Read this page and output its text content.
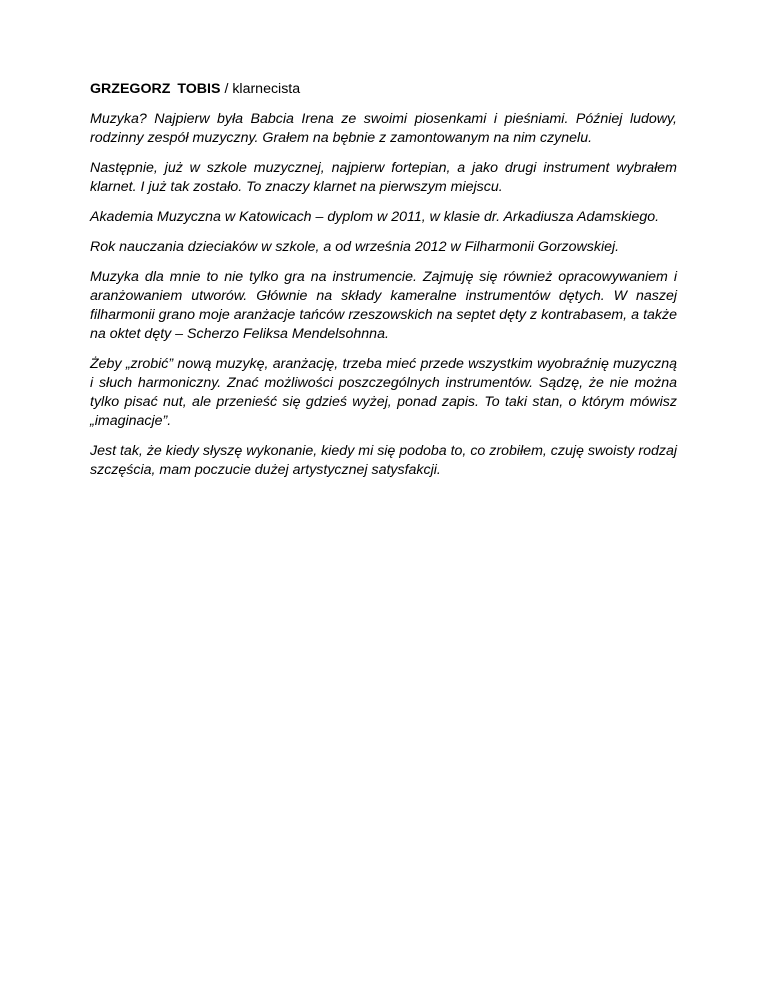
GRZEGORZ TOBIS / klarnecista

Muzyka? Najpierw była Babcia Irena ze swoimi piosenkami i pieśniami. Później ludowy, rodzinny zespół muzyczny. Grałem na bębnie z zamontowanym na nim czynelu.

Następnie, już w szkole muzycznej, najpierw fortepian, a jako drugi instrument wybrałem klarnet. I już tak zostało. To znaczy klarnet na pierwszym miejscu.

Akademia Muzyczna w Katowicach – dyplom w 2011, w klasie dr. Arkadiusza Adamskiego.

Rok nauczania dzieciaków w szkole, a od września 2012 w Filharmonii Gorzowskiej.

Muzyka dla mnie to nie tylko gra na instrumencie. Zajmuję się również opracowywaniem i aranżowaniem utworów. Głównie na składy kameralne instrumentów dętych. W naszej filharmonii grano moje aranżacje tańców rzeszowskich na septet dęty z kontrabasem, a także na oktet dęty – Scherzo Feliksa Mendelsohnna.

Żeby „zrobić” nową muzykę, aranżację, trzeba mieć przede wszystkim wyobraźnię muzyczną i słuch harmoniczny. Znać możliwości poszczególnych instrumentów. Sądzę, że nie można tylko pisać nut, ale przenieść się gdzieś wyżej, ponad zapis. To taki stan, o którym mówisz „imaginacje”.

Jest tak, że kiedy słyszę wykonanie, kiedy mi się podoba to, co zrobiłem, czuję swoisty rodzaj szczęścia, mam poczucie dużej artystycznej satysfakcji.
